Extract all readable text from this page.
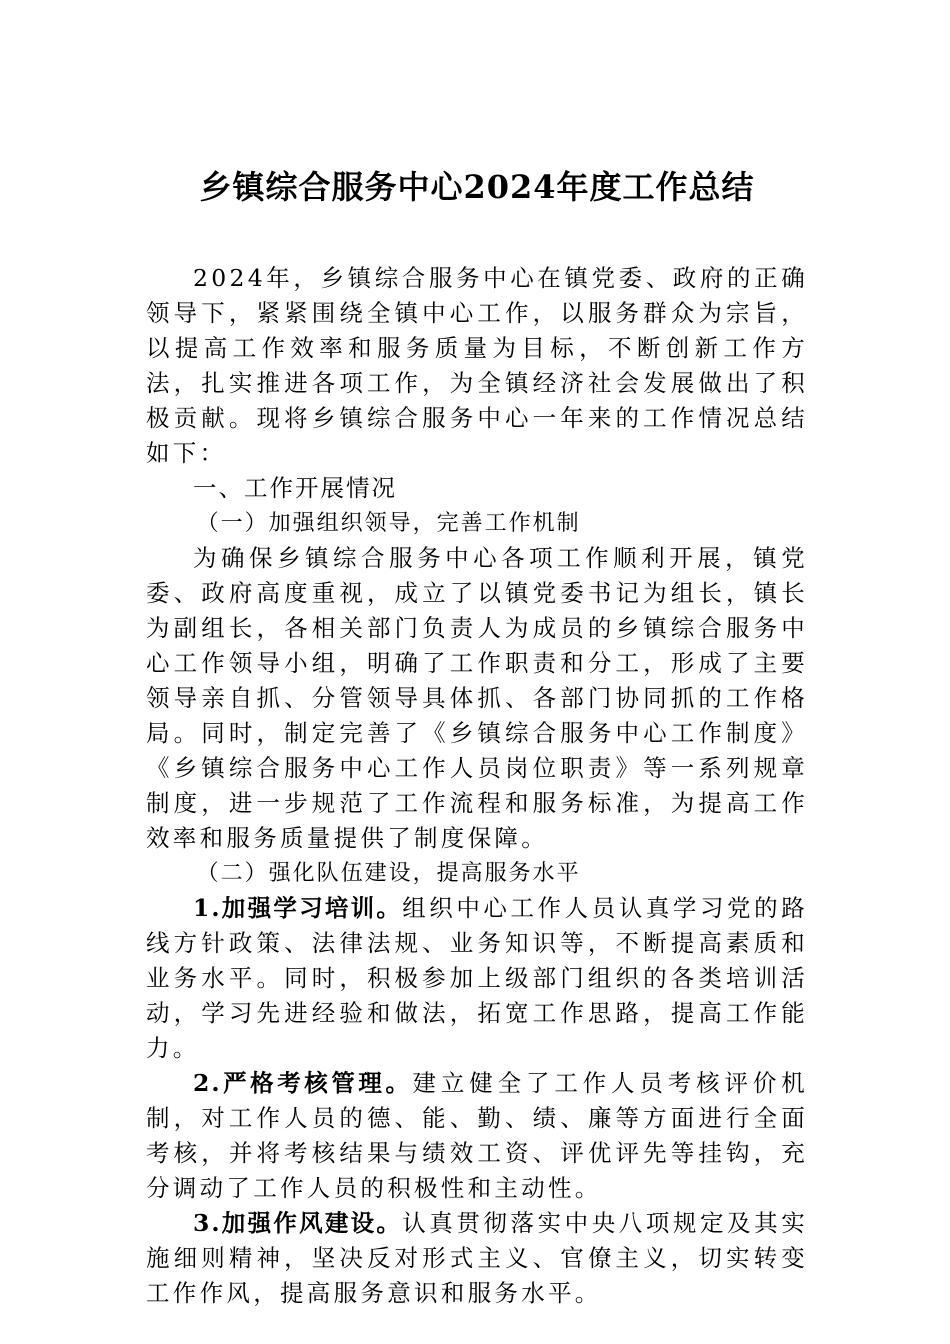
乡镇综合服务中心2024年度工作总结

2024年，乡镇综合服务中心在镇党委、政府的正确领导下，紧紧围绕全镇中心工作，以服务群众为宗旨，以提高工作效率和服务质量为目标，不断创新工作方法，扎实推进各项工作，为全镇经济社会发展做出了积极贡献。现将乡镇综合服务中心一年来的工作情况总结如下：

一、工作开展情况
（一）加强组织领导，完善工作机制

为确保乡镇综合服务中心各项工作顺利开展，镇党委、政府高度重视，成立了以镇党委书记为组长，镇长为副组长，各相关部门负责人为成员的乡镇综合服务中心工作领导小组，明确了工作职责和分工，形成了主要领导亲自抓、分管领导具体抓、各部门协同抓的工作格局。同时，制定完善了《乡镇综合服务中心工作制度》《乡镇综合服务中心工作人员岗位职责》等一系列规章制度，进一步规范了工作流程和服务标准，为提高工作效率和服务质量提供了制度保障。

（二）强化队伍建设，提高服务水平

1.加强学习培训。组织中心工作人员认真学习党的路线方针政策、法律法规、业务知识等，不断提高素质和业务水平。同时，积极参加上级部门组织的各类培训活动，学习先进经验和做法，拓宽工作思路，提高工作能力。

2.严格考核管理。建立健全了工作人员考核评价机制，对工作人员的德、能、勤、绩、廉等方面进行全面考核，并将考核结果与绩效工资、评优评先等挂钩，充分调动了工作人员的积极性和主动性。

3.加强作风建设。认真贯彻落实中央八项规定及其实施细则精神，坚决反对形式主义、官僚主义，切实转变工作作风，提高服务意识和服务水平。
